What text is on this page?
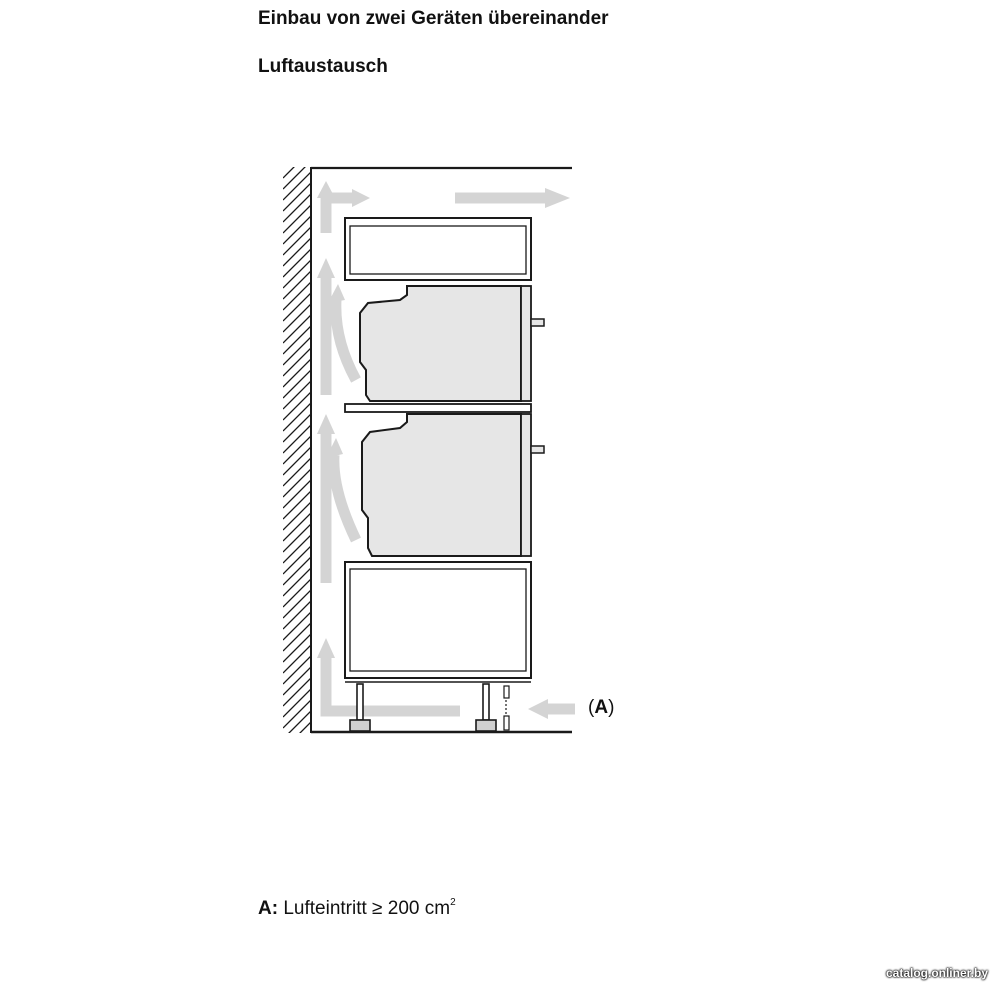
Einbau von zwei Geräten übereinander
Luftaustausch
(A)
A: Lufteintritt ≥ 200 $cm^2$
catalog.onliner.by
